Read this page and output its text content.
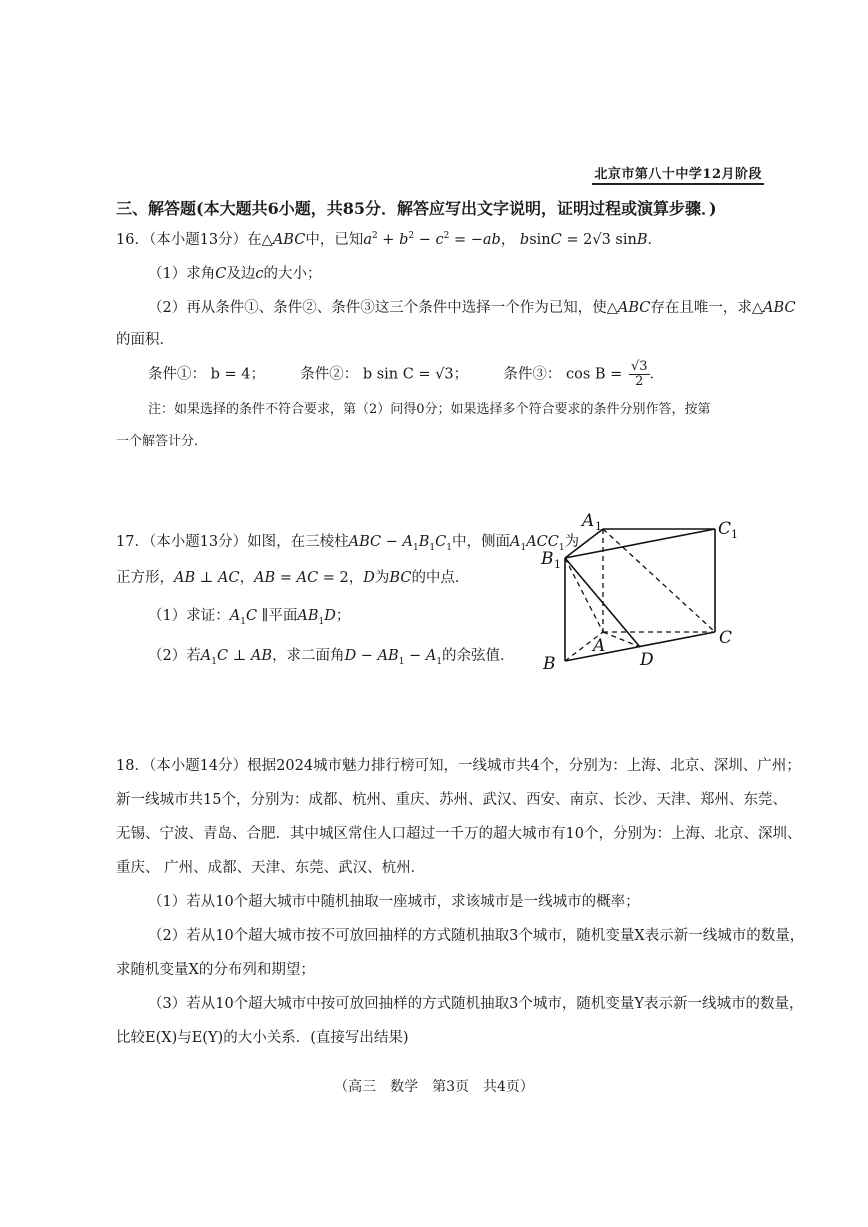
北京市第八十中学12月阶段
三、解答题(本大题共6小题，共85分．解答应写出文字说明，证明过程或演算步骤．)
16．（本小题13分）在△ABC中，已知$a^2 + b^2 - c^2 = -ab$， bsinC = 2√3 sinB．
（1）求角C及边c的大小；
（2）再从条件①、条件②、条件③这三个条件中选择一个作为已知，使△ABC存在且唯一，求△ABC
的面积．
条件①： b = 4； 条件②： b sin C = √3； 条件③： $\cos B = \frac{√3}{2}$ ．
注：如果选择的条件不符合要求，第（2）问得0分；如果选择多个符合要求的条件分别作答，按第
一个解答计分．
17．（本小题13分）如图，在三棱柱ABC − $A_1B_1C_1$中，侧面$A_1ACC_1$为
正方形，AB ⊥ AC，AB = AC = 2，D为BC的中点．
（1）求证：$A_1C$ ∥平面$AB_1D$；
（2）若$A_1C$ ⊥ AB，求二面角$D - AB_1 - A_1$的余弦值．
A 1	C 1
B 1
A	C
B	D
18．（本小题14分）根据2024城市魅力排行榜可知，一线城市共4个，分别为：上海、北京、深圳、广州；
新一线城市共15个，分别为：成都、杭州、重庆、苏州、武汉、西安、南京、长沙、天津、郑州、东莞、
无锡、宁波、青岛、合肥．其中城区常住人口超过一千万的超大城市有10个，分别为：上海、北京、深圳、
重庆、 广州、成都、天津、东莞、武汉、杭州．
（1）若从10个超大城市中随机抽取一座城市，求该城市是一线城市的概率；
（2）若从10个超大城市按不可放回抽样的方式随机抽取3个城市，随机变量X表示新一线城市的数量，
求随机变量X的分布列和期望；
（3）若从10个超大城市中按可放回抽样的方式随机抽取3个城市，随机变量Y表示新一线城市的数量，
比较E(X)与E(Y)的大小关系．(直接写出结果)
（高三　数学　第3页　共4页）
